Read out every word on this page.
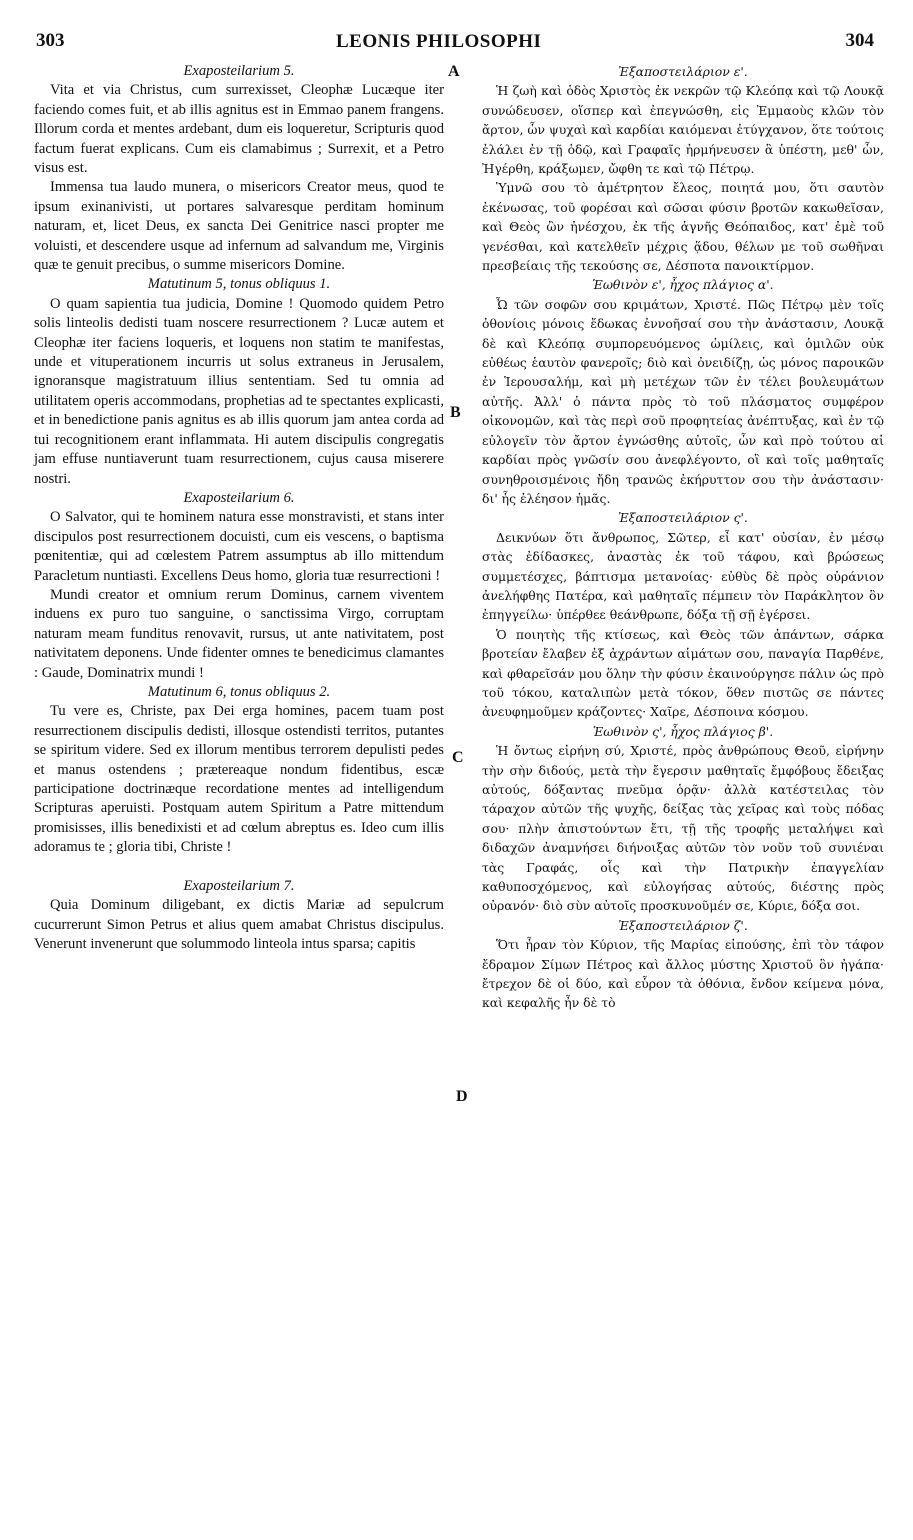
303	LEONIS PHILOSOPHI	304
A
B
C
D
Exaposteilarium 5.

Vita et via Christus, cum surrexisset, Cleophæ Lucæque iter faciendo comes fuit, et ab illis agnitus est in Emmao panem frangens. Illorum corda et mentes ardebant, dum eis loqueretur, Scripturis quod factum fuerat explicans. Cum eis clamabimus ; Surrexit, et a Petro visus est.

Immensa tua laudo munera, o misericors Creator meus, quod te ipsum exinanivisti, ut portares salvaresque perditam hominum naturam, et, licet Deus, ex sancta Dei Genitrice nasci propter me voluisti, et descendere usque ad infernum ad salvandum me, Virginis quæ te genuit precibus, o summe misericors Domine.

Matutinum 5, tonus obliquus 1.

O quam sapientia tua judicia, Domine ! Quomodo quidem Petro solis linteolis dedisti tuam noscere resurrectionem ? Lucæ autem et Cleophæ iter faciens loqueris, et loquens non statim te manifestas, unde et vituperationem incurris ut solus extraneus in Jerusalem, ignoransque magistratuum illius sententiam. Sed tu omnia ad utilitatem operis accommodans, prophetias ad te spectantes explicasti, et in benedictione panis agnitus es ab illis quorum jam antea corda ad tui recognitionem erant inflammata. Hi autem discipulis congregatis jam effuse nuntiaverunt tuam resurrectionem, cujus causa miserere nostri.

Exaposteilarium 6.

O Salvator, qui te hominem natura esse monstravisti, et stans inter discipulos post resurrectionem docuisti, cum eis vescens, o baptisma pœnitentiæ, qui ad cœlestem Patrem assumptus ab illo mittendum Paracletum nuntiasti. Excellens Deus homo, gloria tuæ resurrectioni !

Mundi creator et omnium rerum Dominus, carnem viventem induens ex puro tuo sanguine, o sanctissima Virgo, corruptam naturam meam funditus renovavit, rursus, ut ante nativitatem, post nativitatem deponens. Unde fidenter omnes te benedicimus clamantes : Gaude, Dominatrix mundi !

Matutinum 6, tonus obliquus 2.

Tu vere es, Christe, pax Dei erga homines, pacem tuam post resurrectionem discipulis dedisti, illosque ostendisti territos, putantes se spiritum videre. Sed ex illorum mentibus terrorem depulisti pedes et manus ostendens ; prætereaque nondum fidentibus, escæ participatione doctrinæque recordatione mentes ad intelligendum Scripturas aperuisti. Postquam autem Spiritum a Patre mittendum promisisses, illis benedixisti et ad cœlum abreptus es. Ideo cum illis adoramus te ; gloria tibi, Christe !

Exaposteilarium 7.

Quia Dominum diligebant, ex dictis Mariæ ad sepulcrum cucurrerunt Simon Petrus et alius quem amabat Christus discipulus. Venerunt invenerunt que solummodo linteola intus sparsa; capitis

Ἐξαποστειλάριον ε'.

Ἡ ζωὴ καὶ ὁδὸς Χριστὸς ἐκ νεκρῶν τῷ Κλεόπᾳ καὶ τῷ Λουκᾷ συνώδευσεν, οἵσπερ καὶ ἐπεγνώσθη, εἰς Ἐμμαοὺς κλῶν τὸν ἄρτον, ὧν ψυχαὶ καὶ καρδίαι καιόμεναι ἐτύγχανον, ὅτε τούτοις ἐλάλει ἐν τῇ ὁδῷ, καὶ Γραφαῖς ἡρμήνευσεν ἃ ὑπέστη, μεθ' ὧν, Ἠγέρθη, κράξωμεν, ὤφθη τε καὶ τῷ Πέτρῳ.

Ὑμνῶ σου τὸ ἀμέτρητον ἔλεος, ποιητά μου, ὅτι σαυτὸν ἐκένωσας, τοῦ φορέσαι καὶ σῶσαι φύσιν βροτῶν κακωθεῖσαν, καὶ Θεὸς ὢν ἠνέσχου, ἐκ τῆς ἁγνῆς Θεόπαιδος, κατ' ἐμὲ τοῦ γενέσθαι, καὶ κατελθεῖν μέχρις ᾅδου, θέλων με τοῦ σωθῆναι πρεσβείαις τῆς τεκούσης σε, Δέσποτα πανοικτίρμον.

Ἑωθινὸν ε', ἦχος πλάγιος α'.

Ὦ τῶν σοφῶν σου κριμάτων, Χριστέ. Πῶς Πέτρῳ μὲν τοῖς ὀθονίοις μόνοις ἔδωκας ἐννοῆσαί σου τὴν ἀνάστασιν, Λουκᾷ δὲ καὶ Κλεόπᾳ συμπορευόμενος ὡμίλεις, καὶ ὁμιλῶν οὐκ εὐθέως ἑαυτὸν φανεροῖς; διὸ καὶ ὀνειδίζῃ, ὡς μόνος παροικῶν ἐν Ἱερουσαλήμ, καὶ μὴ μετέχων τῶν ἐν τέλει βουλευμάτων αὐτῆς. Ἀλλ' ὁ πάντα πρὸς τὸ τοῦ πλάσματος συμφέρον οἰκονομῶν, καὶ τὰς περὶ σοῦ προφητείας ἀνέπτυξας, καὶ ἐν τῷ εὐλογεῖν τὸν ἄρτον ἐγνώσθης αὐτοῖς, ὧν καὶ πρὸ τούτου αἱ καρδίαι πρὸς γνῶσίν σου ἀνεφλέγοντο, οἳ καὶ τοῖς μαθηταῖς συνηθροισμένοις ἤδη τρανῶς ἐκήρυττον σου τὴν ἀνάστασιν· δι' ἧς ἐλέησον ἡμᾶς.

Ἐξαποστειλάριον ς'.

Δεικνύων ὅτι ἄνθρωπος, Σῶτερ, εἶ κατ' οὐσίαν, ἐν μέσῳ στὰς ἐδίδασκες, ἀναστὰς ἐκ τοῦ τάφου, καὶ βρώσεως συμμετέσχες, βάπτισμα μετανοίας· εὐθὺς δὲ πρὸς οὐράνιον ἀνελήφθης Πατέρα, καὶ μαθηταῖς πέμπειν τὸν Παράκλητον ὃν ἐπηγγείλω· ὑπέρθεε θεάνθρωπε, δόξα τῇ σῇ ἐγέρσει.

Ὁ ποιητὴς τῆς κτίσεως, καὶ Θεὸς τῶν ἁπάντων, σάρκα βροτείαν ἔλαβεν ἐξ ἀχράντων αἱμάτων σου, παναγία Παρθένε, καὶ φθαρεῖσάν μου ὅλην τὴν φύσιν ἐκαινούργησε πάλιν ὡς πρὸ τοῦ τόκου, καταλιπὼν μετὰ τόκον, ὅθεν πιστῶς σε πάντες ἀνευφημοῦμεν κράζοντες· Χαῖρε, Δέσποινα κόσμου.

Ἑωθινὸν ς', ἦχος πλάγιος β'.

Ἡ ὄντως εἰρήνη σύ, Χριστέ, πρὸς ἀνθρώπους Θεοῦ, εἰρήνην τὴν σὴν διδούς, μετὰ τὴν ἔγερσιν μαθηταῖς ἔμφόβους ἔδειξας αὐτούς, δόξαντας πνεῦμα ὁρᾷν· ἀλλὰ κατέστειλας τὸν τάραχον αὐτῶν τῆς ψυχῆς, δείξας τὰς χεῖρας καὶ τοὺς πόδας σου· πλὴν ἀπιστούντων ἔτι, τῇ τῆς τροφῆς μεταλήψει καὶ διδαχῶν ἀναμνήσει διήνοιξας αὐτῶν τὸν νοῦν τοῦ συνιέναι τὰς Γραφάς, οἷς καὶ τὴν Πατρικὴν ἐπαγγελίαν καθυποσχόμενος, καὶ εὐλογήσας αὐτούς, διέστης πρὸς οὐρανόν· διὸ σὺν αὐτοῖς προσκυνοῦμέν σε, Κύριε, δόξα σοι.

Ἐξαποστειλάριον ζ'.

Ὅτι ἦραν τὸν Κύριον, τῆς Μαρίας εἰπούσης, ἐπὶ τὸν τάφον ἔδραμον Σίμων Πέτρος καὶ ἄλλος μύστης Χριστοῦ ὃν ἠγάπα· ἔτρεχον δὲ οἱ δύο, καὶ εὗρον τὰ ὀθόνια, ἔνδον κείμενα μόνα, καὶ κεφαλῆς ἦν δὲ τὸ
